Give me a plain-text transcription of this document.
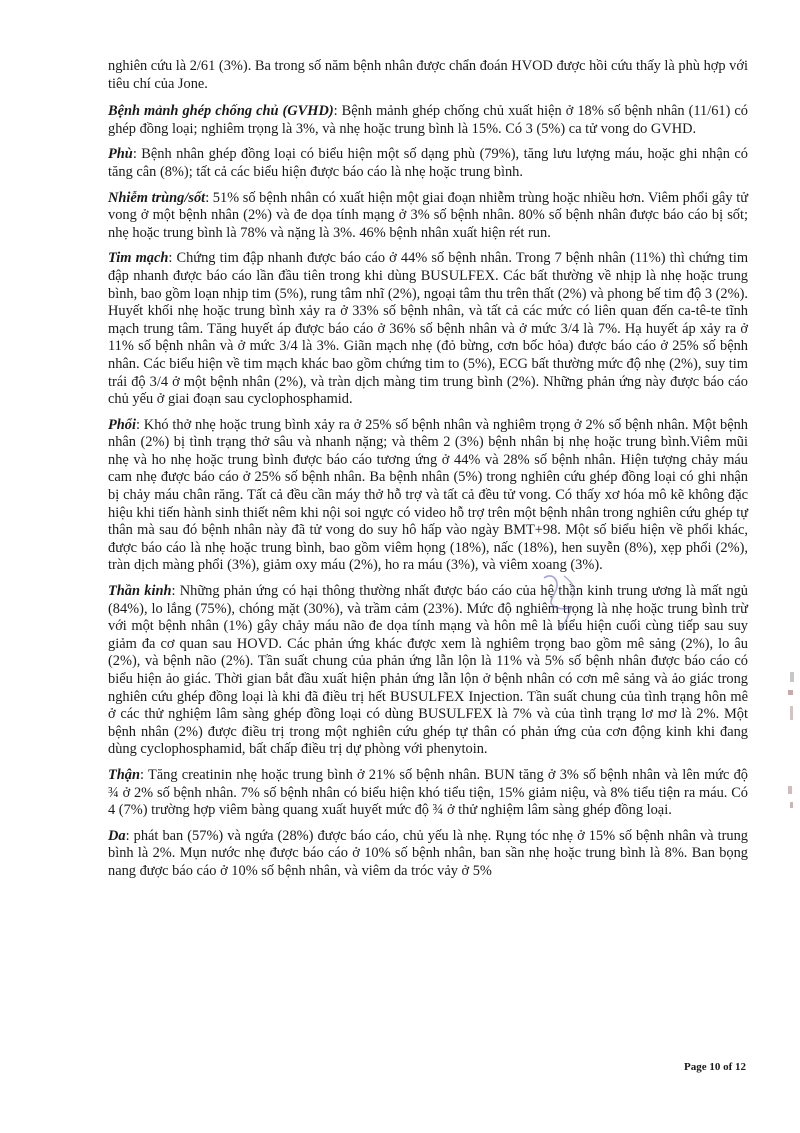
nghiên cứu là 2/61 (3%). Ba trong số năm bệnh nhân được chẩn đoán HVOD được hồi cứu thấy là phù hợp với tiêu chí của Jone.

Bệnh mảnh ghép chống chủ (GVHD): Bệnh mảnh ghép chống chủ xuất hiện ở 18% số bệnh nhân (11/61) có ghép đồng loại; nghiêm trọng là 3%, và nhẹ hoặc trung bình là 15%. Có 3 (5%) ca tử vong do GVHD.

Phù: Bệnh nhân ghép đồng loại có biểu hiện một số dạng phù (79%), tăng lưu lượng máu, hoặc ghi nhận có tăng cân (8%); tất cả các biểu hiện được báo cáo là nhẹ hoặc trung bình.

Nhiễm trùng/sốt: 51% số bệnh nhân có xuất hiện một giai đoạn nhiễm trùng hoặc nhiều hơn. Viêm phổi gây tử vong ở một bệnh nhân (2%) và đe dọa tính mạng ở 3% số bệnh nhân. 80% số bệnh nhân được báo cáo bị sốt; nhẹ hoặc trung bình là 78% và nặng là 3%. 46% bệnh nhân xuất hiện rét run.

Tim mạch: Chứng tim đập nhanh được báo cáo ở 44% số bệnh nhân. Trong 7 bệnh nhân (11%) thì chứng tim đập nhanh được báo cáo lần đầu tiên trong khi dùng BUSULFEX. Các bất thường về nhịp là nhẹ hoặc trung bình, bao gồm loạn nhịp tim (5%), rung tâm nhĩ (2%), ngoại tâm thu trên thất (2%) và phong bế tim độ 3 (2%). Huyết khối nhẹ hoặc trung bình xảy ra ở 33% số bệnh nhân, và tất cả các mức có liên quan đến ca-tê-te tĩnh mạch trung tâm. Tăng huyết áp được báo cáo ở 36% số bệnh nhân và ở mức 3/4 là 7%. Hạ huyết áp xảy ra ở 11% số bệnh nhân và ở mức 3/4 là 3%. Giãn mạch nhẹ (đỏ bừng, cơn bốc hỏa) được báo cáo ở 25% số bệnh nhân. Các biểu hiện về tim mạch khác bao gồm chứng tim to (5%), ECG bất thường mức độ nhẹ (2%), suy tim trái độ 3/4 ở một bệnh nhân (2%), và tràn dịch màng tim trung bình (2%). Những phản ứng này được báo cáo chủ yếu ở giai đoạn sau cyclophosphamid.

Phổi: Khó thở nhẹ hoặc trung bình xảy ra ở 25% số bệnh nhân và nghiêm trọng ở 2% số bệnh nhân. Một bệnh nhân (2%) bị tình trạng thở sâu và nhanh nặng; và thêm 2 (3%) bệnh nhân bị nhẹ hoặc trung bình.Viêm mũi nhẹ và ho nhẹ hoặc trung bình được báo cáo tương ứng ở 44% và 28% số bệnh nhân. Hiện tượng chảy máu cam nhẹ được báo cáo ở 25% số bệnh nhân. Ba bệnh nhân (5%) trong nghiên cứu ghép đồng loại có ghi nhận bị chảy máu chân răng. Tất cả đều cần máy thở hỗ trợ và tất cả đều tử vong. Có thấy xơ hóa mô kẽ không đặc hiệu khi tiến hành sinh thiết nêm khi nội soi ngực có video hỗ trợ trên một bệnh nhân trong nghiên cứu ghép tự thân mà sau đó bệnh nhân này đã tử vong do suy hô hấp vào ngày BMT+98. Một số biểu hiện về phổi khác, được báo cáo là nhẹ hoặc trung bình, bao gồm viêm họng (18%), nấc (18%), hen suyễn (8%), xẹp phổi (2%), tràn dịch màng phổi (3%), giảm oxy máu (2%), ho ra máu (3%), và viêm xoang (3%).

Thần kinh: Những phản ứng có hại thông thường nhất được báo cáo của hệ thần kinh trung ương là mất ngủ (84%), lo lắng (75%), chóng mặt (30%), và trầm cảm (23%). Mức độ nghiêm trọng là nhẹ hoặc trung bình trừ với một bệnh nhân (1%) gây chảy máu não đe dọa tính mạng và hôn mê là biểu hiện cuối cùng tiếp sau suy giảm đa cơ quan sau HOVD. Các phản ứng khác được xem là nghiêm trọng bao gồm mê sảng (2%), lo âu (2%), và bệnh não (2%). Tần suất chung của phản ứng lẫn lộn là 11% và 5% số bệnh nhân được báo cáo có biểu hiện ảo giác. Thời gian bắt đầu xuất hiện phản ứng lẫn lộn ở bệnh nhân có cơn mê sảng và ảo giác trong nghiên cứu ghép đồng loại là khi đã điều trị hết BUSULFEX Injection. Tần suất chung của tình trạng hôn mê ở các thử nghiệm lâm sàng ghép đồng loại có dùng BUSULFEX là 7% và của tình trạng lơ mơ là 2%. Một bệnh nhân (2%) được điều trị trong một nghiên cứu ghép tự thân có phản ứng của cơn động kinh khi đang dùng cyclophosphamid, bất chấp điều trị dự phòng với phenytoin.

Thận: Tăng creatinin nhẹ hoặc trung bình ở 21% số bệnh nhân. BUN tăng ở 3% số bệnh nhân và lên mức độ ¾ ở 2% số bệnh nhân. 7% số bệnh nhân có biểu hiện khó tiểu tiện, 15% giảm niệu, và 8% tiểu tiện ra máu. Có 4 (7%) trường hợp viêm bàng quang xuất huyết mức độ ¾ ở thử nghiệm lâm sàng ghép đồng loại.

Da: phát ban (57%) và ngứa (28%) được báo cáo, chủ yếu là nhẹ. Rụng tóc nhẹ ở 15% số bệnh nhân và trung bình là 2%. Mụn nước nhẹ được báo cáo ở 10% số bệnh nhân, ban sần nhẹ hoặc trung bình là 8%. Ban bọng nang được báo cáo ở 10% số bệnh nhân, và viêm da tróc vảy ở 5%

Page 10 of 12
